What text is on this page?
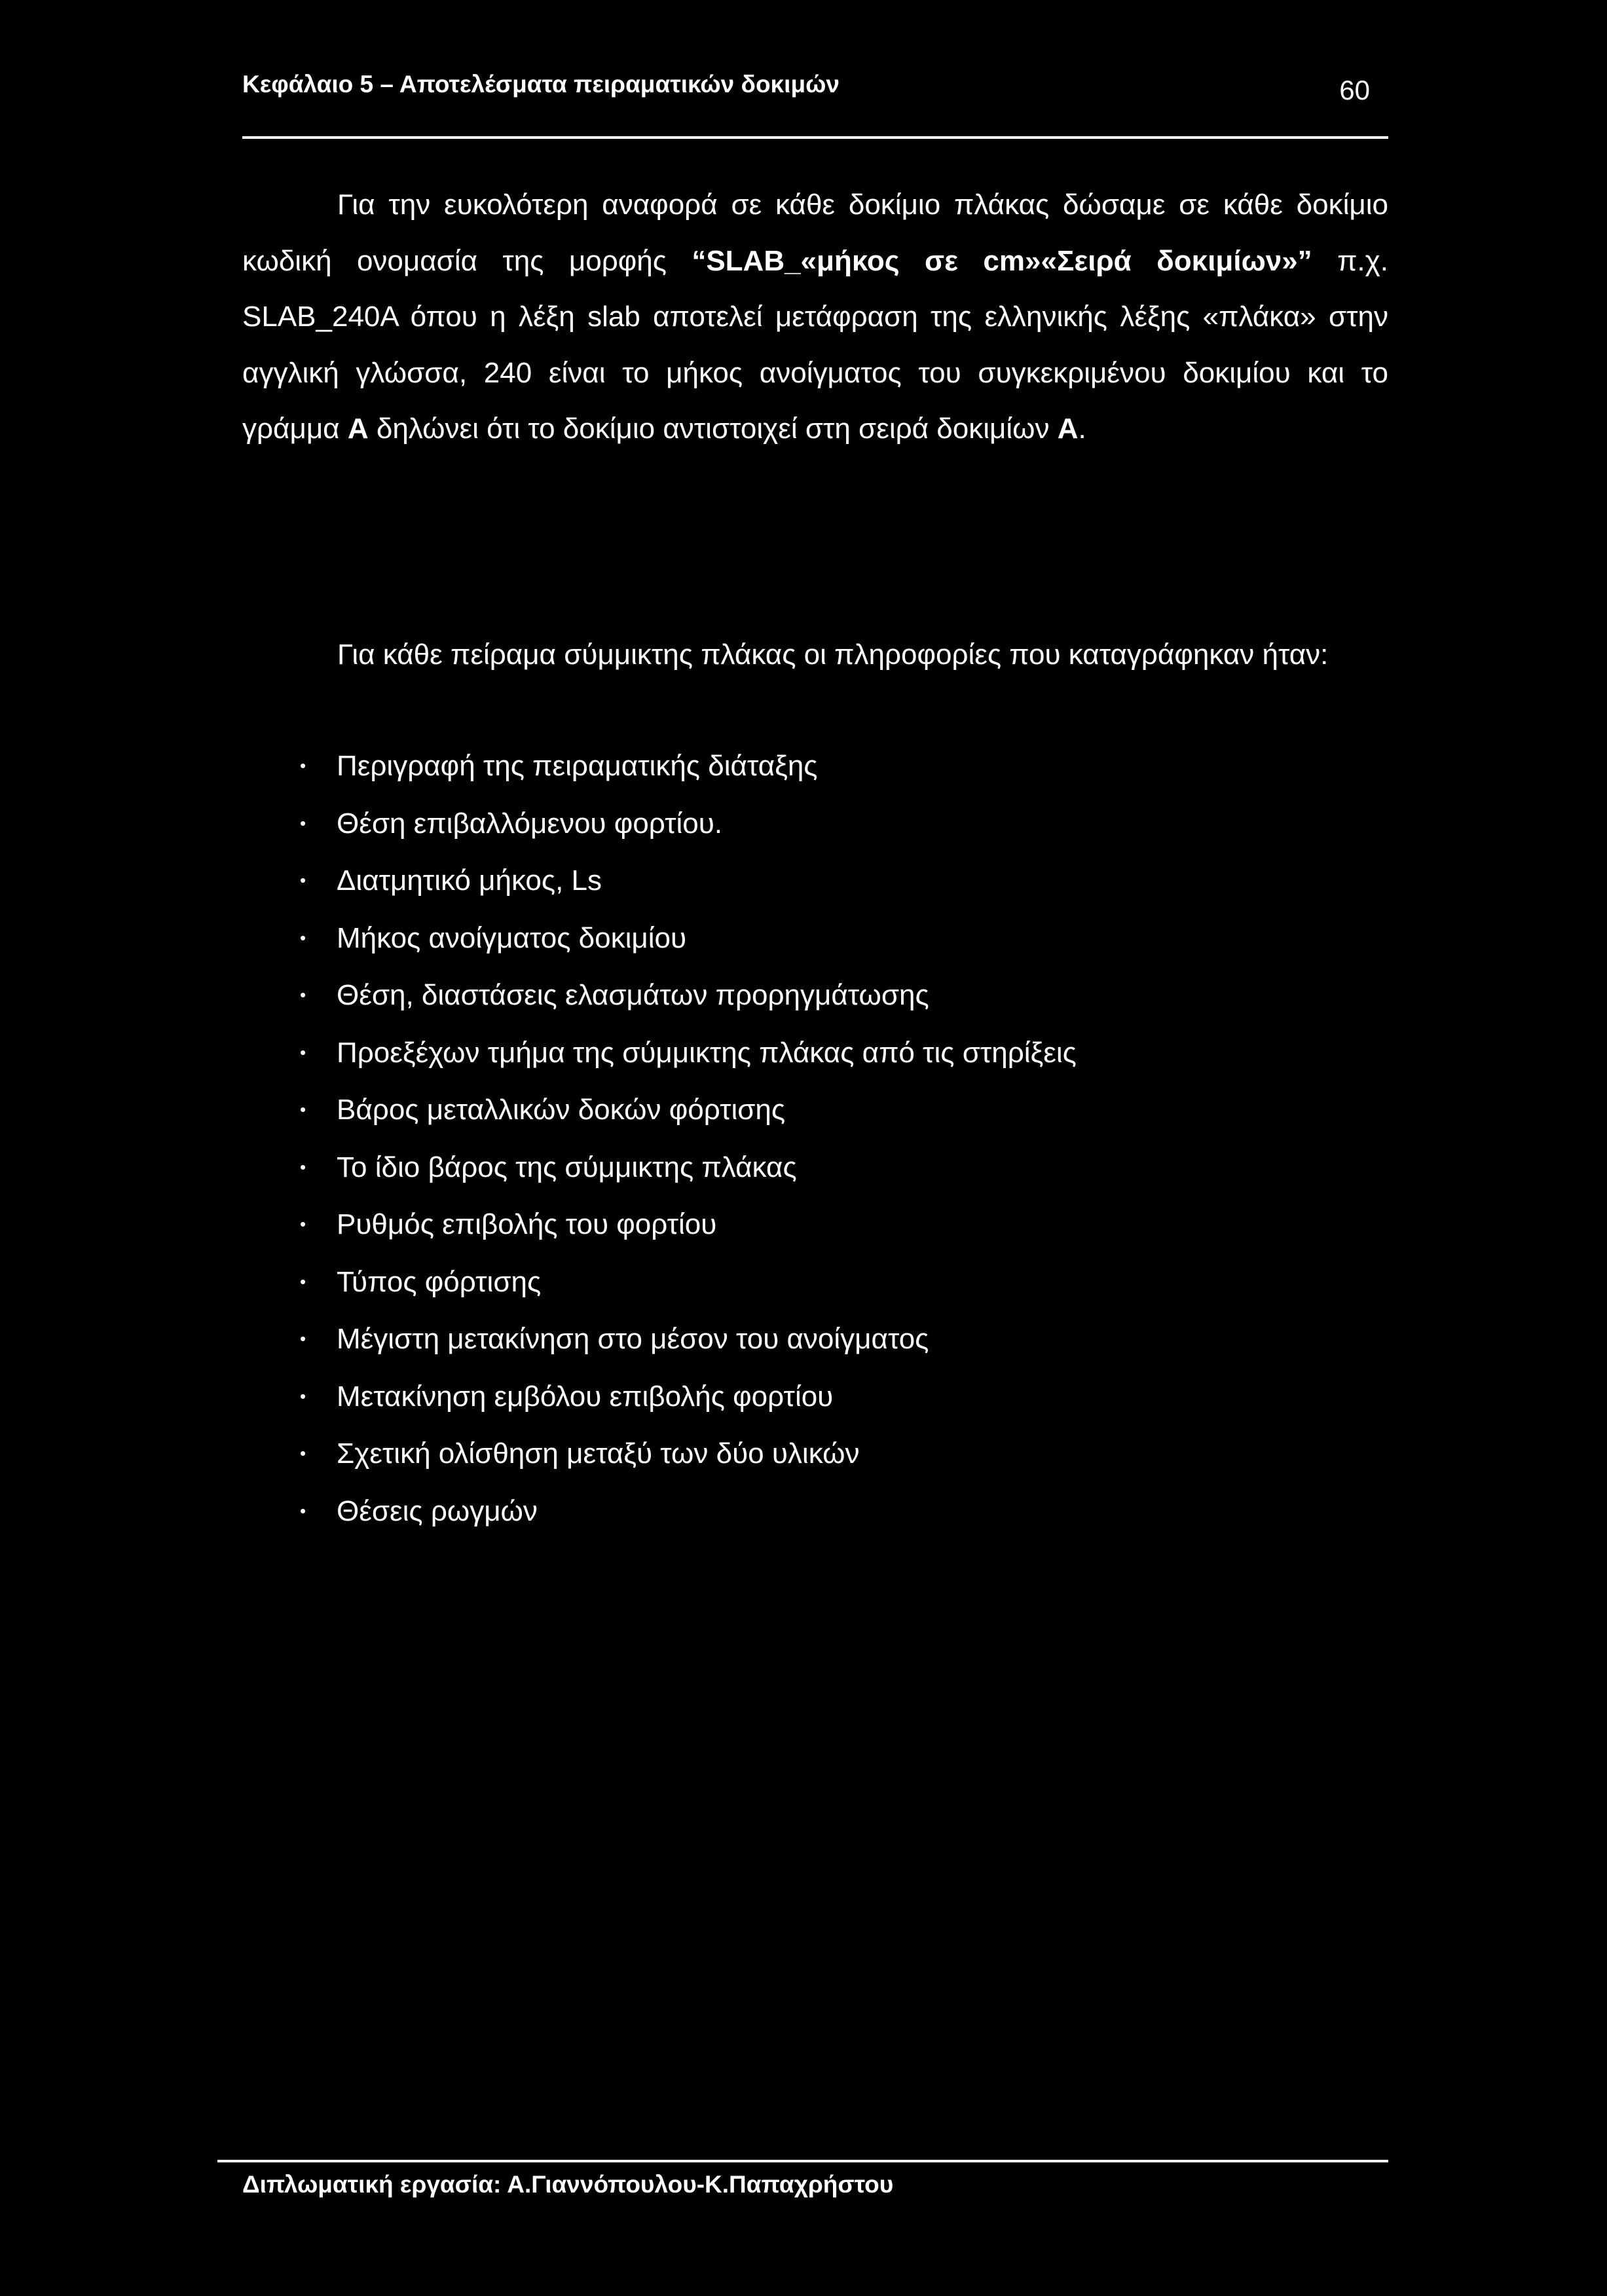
Κεφάλαιο 5 – Αποτελέσματα πειραματικών δοκιμών	60

Για την ευκολότερη αναφορά σε κάθε δοκίμιο πλάκας δώσαμε σε κάθε δοκίμιο κωδική ονομασία της μορφής “SLAB_«μήκος σε cm»«Σειρά δοκιμίων»” π.χ. SLAB_240A όπου η λέξη slab αποτελεί μετάφραση της ελληνικής λέξης «πλάκα» στην αγγλική γλώσσα, 240 είναι το μήκος ανοίγματος του συγκεκριμένου δοκιμίου και το γράμμα Α δηλώνει ότι το δοκίμιο αντιστοιχεί στη σειρά δοκιμίων Α.

Για κάθε πείραμα σύμμικτης πλάκας οι πληροφορίες που καταγράφηκαν ήταν:

• Περιγραφή της πειραματικής διάταξης
• Θέση επιβαλλόμενου φορτίου.
• Διατμητικό μήκος, Ls
• Μήκος ανοίγματος δοκιμίου
• Θέση, διαστάσεις ελασμάτων προρηγμάτωσης
• Προεξέχων τμήμα της σύμμικτης πλάκας από τις στηρίξεις
• Βάρος μεταλλικών δοκών φόρτισης
• Το ίδιο βάρος της σύμμικτης πλάκας
• Ρυθμός επιβολής του φορτίου
• Τύπος φόρτισης
• Μέγιστη μετακίνηση στο μέσον του ανοίγματος
• Μετακίνηση εμβόλου επιβολής φορτίου
• Σχετική ολίσθηση μεταξύ των δύο υλικών
• Θέσεις ρωγμών
Διπλωματική εργασία: Α.Γιαννόπουλου-Κ.Παπαχρήστου
